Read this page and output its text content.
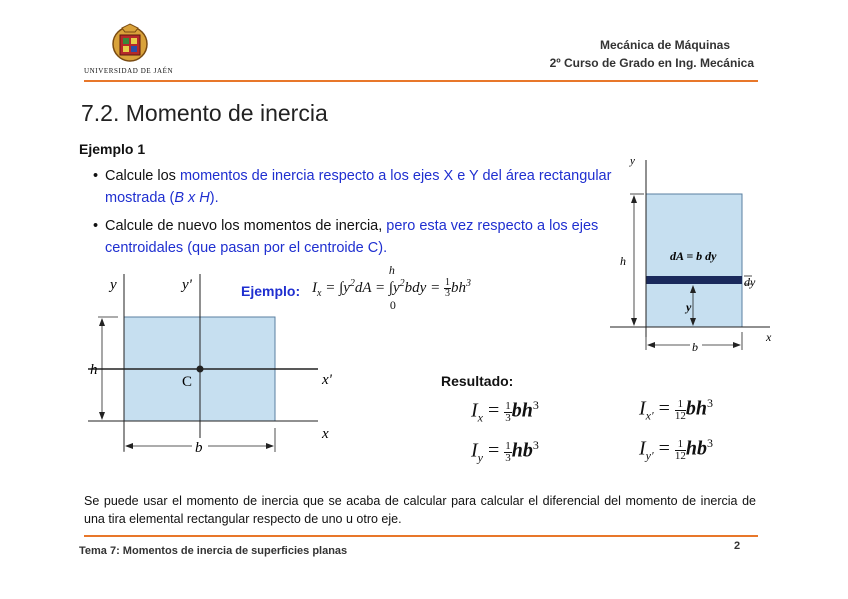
UNIVERSIDAD DE JAÉN
Mecánica de Máquinas
2º Curso de Grado en Ing. Mecánica
7.2. Momento de inercia
Ejemplo 1
• Calcule los momentos de inercia respecto a los ejes X e Y del área rectangular mostrada (B x H).
• Calcule de nuevo los momentos de inercia, pero esta vez respecto a los ejes centroidales (que pasan por el centroide C).
y	y'
h
C	x'
x
b
Ejemplo: $I_x = \int y^2dA$ = ∫
h
0
$y^2bdy = \frac{1}{3} bh^3$
y
h	dA = b dy
dy
y
b
x
Resultado:
$I_x = \frac{1}{3} bh^3$	$I_{x'} = \frac{1}{12} bh^3$
$I_y = \frac{1}{3} hb^3$	$I_{y'} = \frac{1}{12} hb^3$
Se puede usar el momento de inercia que se acaba de calcular para calcular el diferencial del momento de inercia de una tira elemental rectangular respecto de uno u otro eje.
Tema 7: Momentos de inercia de superficies planas	2
